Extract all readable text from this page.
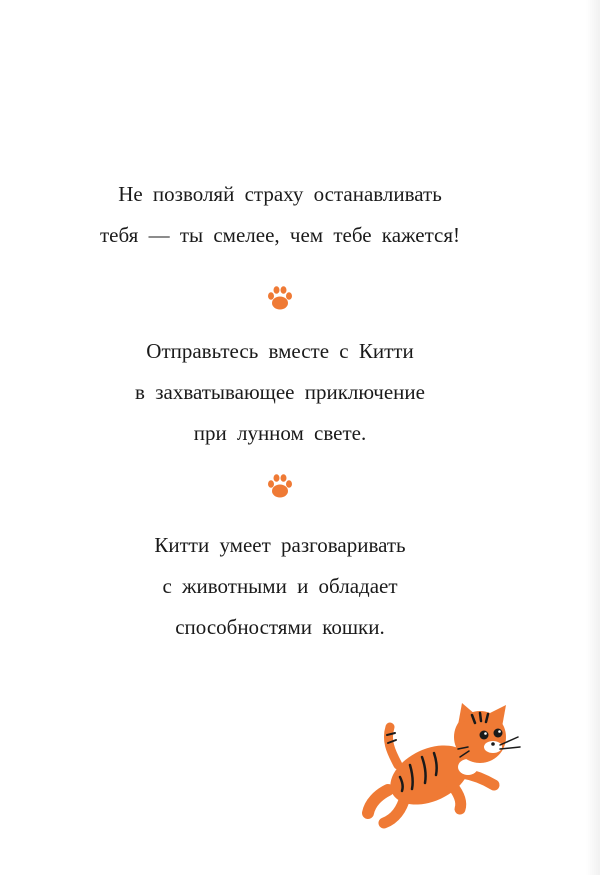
Не позволяй страху останавливать
тебя — ты смелее, чем тебе кажется!
Отправьтесь вместе с Китти
в захватывающее приключение
при лунном свете.
Китти умеет разговаривать
с животными и обладает
способностями кошки.
